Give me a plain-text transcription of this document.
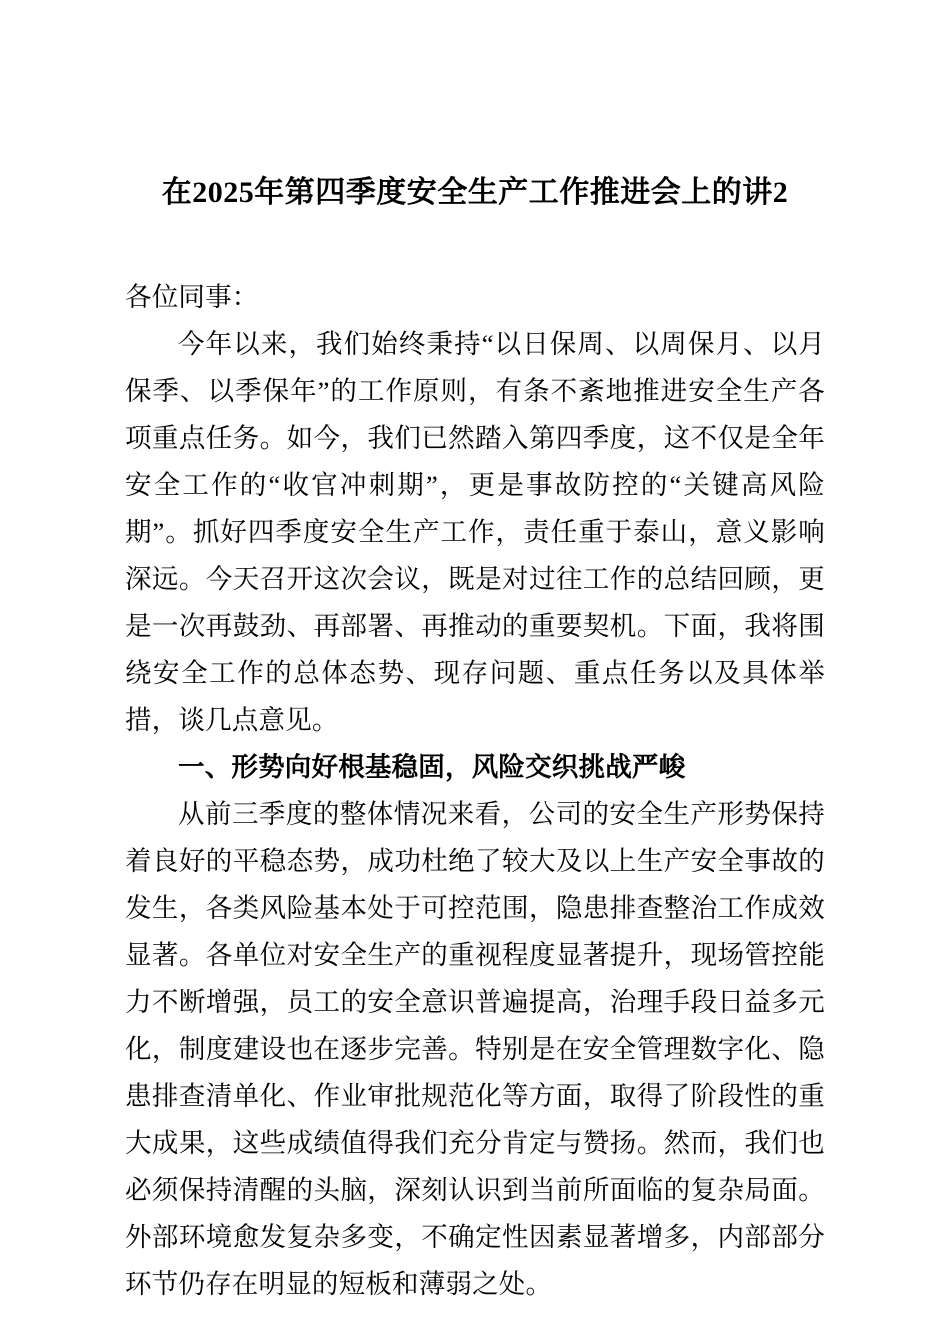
在2025年第四季度安全生产工作推进会上的讲2

各位同事：

今年以来，我们始终秉持“以日保周、以周保月、以月保季、以季保年”的工作原则，有条不紊地推进安全生产各项重点任务。如今，我们已然踏入第四季度，这不仅是全年安全工作的“收官冲刺期”，更是事故防控的“关键高风险期”。抓好四季度安全生产工作，责任重于泰山，意义影响深远。今天召开这次会议，既是对过往工作的总结回顾，更是一次再鼓劲、再部署、再推动的重要契机。下面，我将围绕安全工作的总体态势、现存问题、重点任务以及具体举措，谈几点意见。

一、形势向好根基稳固，风险交织挑战严峻

从前三季度的整体情况来看，公司的安全生产形势保持着良好的平稳态势，成功杜绝了较大及以上生产安全事故的发生，各类风险基本处于可控范围，隐患排查整治工作成效显著。各单位对安全生产的重视程度显著提升，现场管控能力不断增强，员工的安全意识普遍提高，治理手段日益多元化，制度建设也在逐步完善。特别是在安全管理数字化、隐患排查清单化、作业审批规范化等方面，取得了阶段性的重大成果，这些成绩值得我们充分肯定与赞扬。然而，我们也必须保持清醒的头脑，深刻认识到当前所面临的复杂局面。外部环境愈发复杂多变，不确定性因素显著增多，内部部分环节仍存在明显的短板和薄弱之处。
